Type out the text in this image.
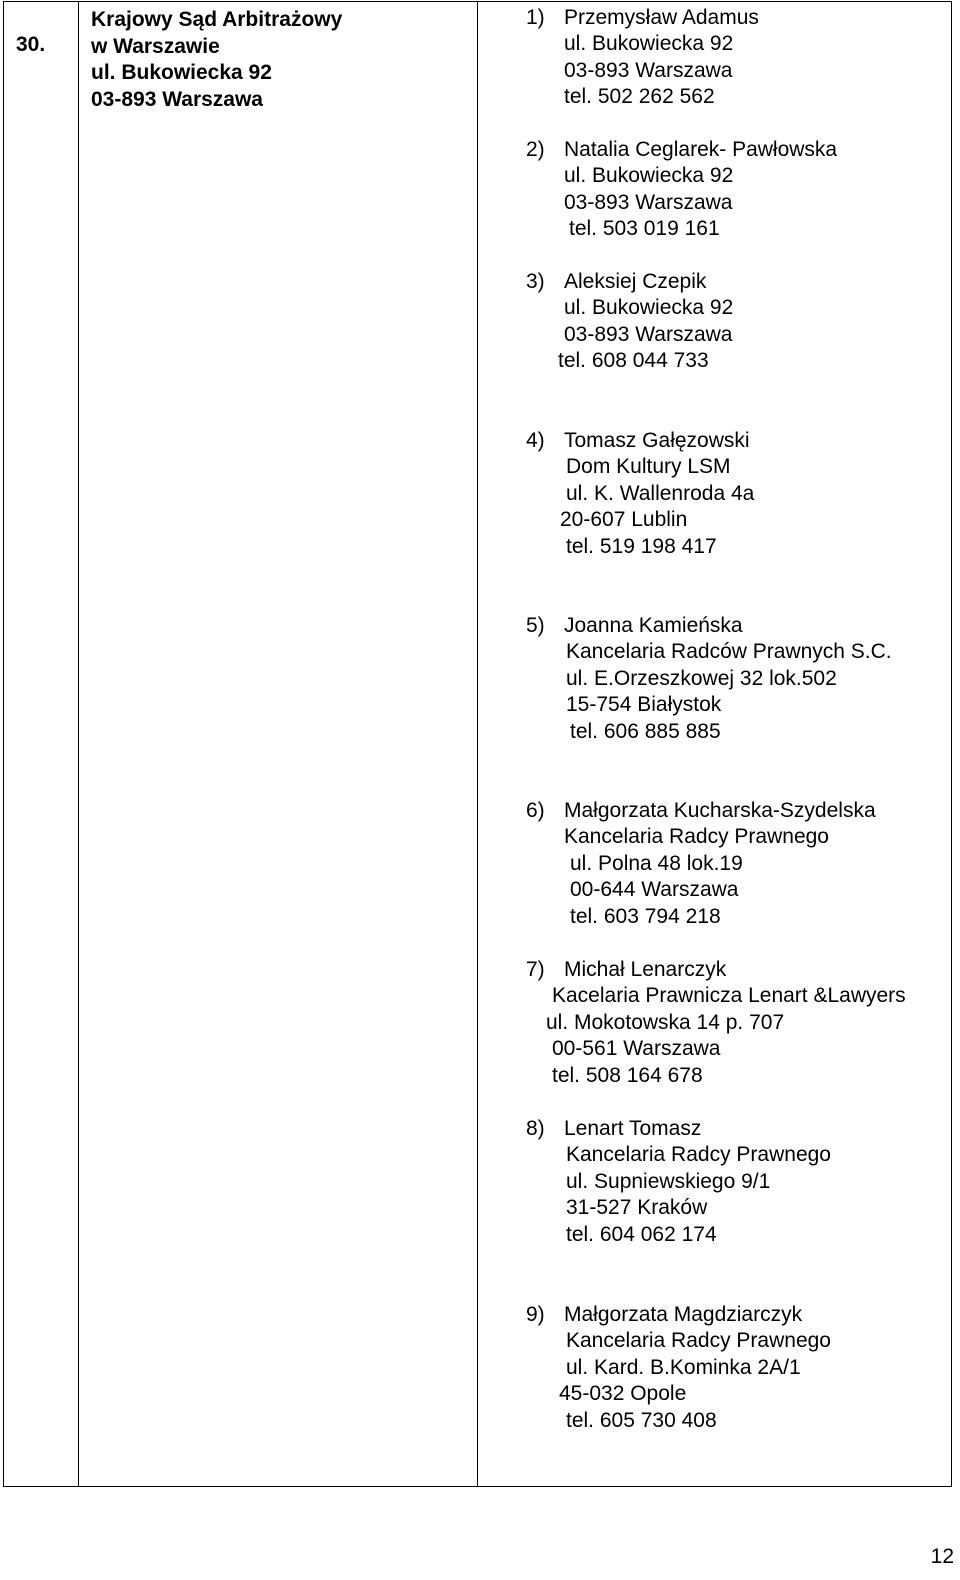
30.
Krajowy Sąd Arbitrażowy
w Warszawie
ul. Bukowiecka 92
03-893 Warszawa
1) Przemysław Adamus
ul. Bukowiecka 92
03-893 Warszawa
tel. 502 262 562
2) Natalia Ceglarek- Pawłowska
ul. Bukowiecka 92
03-893 Warszawa
tel. 503 019 161
3) Aleksiej Czepik
ul. Bukowiecka 92
03-893 Warszawa
tel. 608 044 733
4) Tomasz Gałęzowski
Dom Kultury LSM
ul. K. Wallenroda 4a
20-607 Lublin
tel. 519 198 417
5) Joanna Kamieńska
Kancelaria Radców Prawnych S.C.
ul. E.Orzeszkowej 32 lok.502
15-754 Białystok
tel. 606 885 885
6) Małgorzata Kucharska-Szydelska
Kancelaria Radcy Prawnego
ul. Polna 48 lok.19
00-644 Warszawa
tel. 603 794 218
7) Michał Lenarczyk
Kacelaria Prawnicza Lenart &Lawyers
ul. Mokotowska 14 p. 707
00-561 Warszawa
tel. 508 164 678
8) Lenart Tomasz
Kancelaria Radcy Prawnego
ul. Supniewskiego 9/1
31-527 Kraków
tel. 604 062 174
9) Małgorzata Magdziarczyk
Kancelaria Radcy Prawnego
ul. Kard. B.Kominka 2A/1
45-032 Opole
tel. 605 730 408
12
